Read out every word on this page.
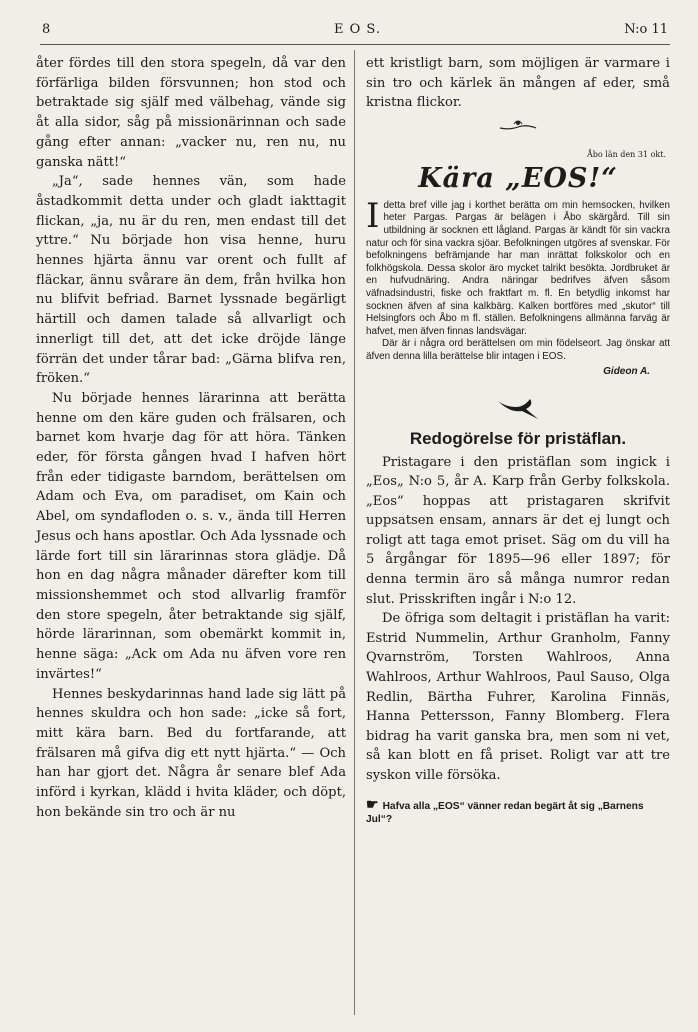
8	E O S.	N:o 11

åter fördes till den stora spegeln, då var den förfärliga bilden försvunnen; hon stod och betraktade sig själf med välbehag, vände sig åt alla sidor, såg på missionärinnan och sade gång efter annan: „vacker nu, ren nu, nu ganska nätt!“

„Ja“, sade hennes vän, som hade åstadkommit detta under och gladt iakttagit flickan, „ja, nu är du ren, men endast till det yttre.“ Nu började hon visa henne, huru hennes hjärta ännu var orent och fullt af fläckar, ännu svårare än dem, från hvilka hon nu blifvit befriad. Barnet lyssnade begärligt härtill och damen talade så allvarligt och innerligt till det, att det icke dröjde länge förrän det under tårar bad: „Gärna blifva ren, fröken.“

Nu började hennes lärarinna att berätta henne om den käre guden och frälsaren, och barnet kom hvarje dag för att höra. Tänken eder, för första gången hvad I hafven hört från eder tidigaste barndom, berättelsen om Adam och Eva, om paradiset, om Kain och Abel, om syndafloden o. s. v., ända till Herren Jesus och hans apostlar. Och Ada lyssnade och lärde fort till sin lärarinnas stora glädje. Då hon en dag några månader därefter kom till missionshemmet och stod allvarlig framför den store spegeln, åter betraktande sig själf, hörde lärarinnan, som obemärkt kommit in, henne säga: „Ack om Ada nu äfven vore ren invärtes!“

Hennes beskydarinnas hand lade sig lätt på hennes skuldra och hon sade: „icke så fort, mitt kära barn. Bed du fortfarande, att frälsaren må gifva dig ett nytt hjärta.“ — Och han har gjort det. Några år senare blef Ada införd i kyrkan, klädd i hvita kläder, och döpt, hon bekände sin tro och är nu

ett kristligt barn, som möjligen är varmare i sin tro och kärlek än mången af eder, små kristna flickor.

Åbo län den 31 okt.
Kära „EOS!“

Idetta bref ville jag i korthet berätta om min hemsocken, hvilken heter Pargas. Pargas är belägen i Åbo skärgård. Till sin utbildning är socknen ett lågland. Pargas är kändt för sin vackra natur och för sina vackra sjöar. Befolkningen utgöres af svenskar. För befolkningens befrämjande har man inrättat folkskolor och en folkhögskola. Dessa skolor äro mycket talrikt besökta. Jordbruket är en hufvudnäring. Andra näringar bedrifves äfven såsom väfnadsindustri, fiske och fraktfart m. fl. En betydlig inkomst har socknen äfven af sina kalkbärg. Kalken bortföres med „skutor“ till Helsingfors och Åbo m fl. ställen. Befolkningens allmänna farväg är hafvet, men äfven finnas landsvägar.

Där är i några ord berättelsen om min födelseort. Jag önskar att äfven denna lilla berättelse blir intagen i EOS.

Gideon A.
Redogörelse för pristäflan.

Pristagare i den pristäflan som ingick i „Eos„ N:o 5, år A. Karp från Gerby folkskola. „Eos“ hoppas att pristagaren skrifvit uppsatsen ensam, annars är det ej lungt och roligt att taga emot priset. Säg om du vill ha 5 årgångar för 1895—96 eller 1897; för denna termin äro så många numror redan slut. Prisskriften ingår i N:o 12.

De öfriga som deltagit i pristäflan ha varit: Estrid Nummelin, Arthur Granholm, Fanny Qvarnström, Torsten Wahlroos, Anna Wahlroos, Arthur Wahlroos, Paul Sauso, Olga Redlin, Bärtha Fuhrer, Karolina Finnäs, Hanna Pettersson, Fanny Blomberg. Flera bidrag ha varit ganska bra, men som ni vet, så kan blott en få priset. Roligt var att tre syskon ville försöka.

☛ Hafva alla „EOS“ vänner redan begärt åt sig „Barnens Jul“?
